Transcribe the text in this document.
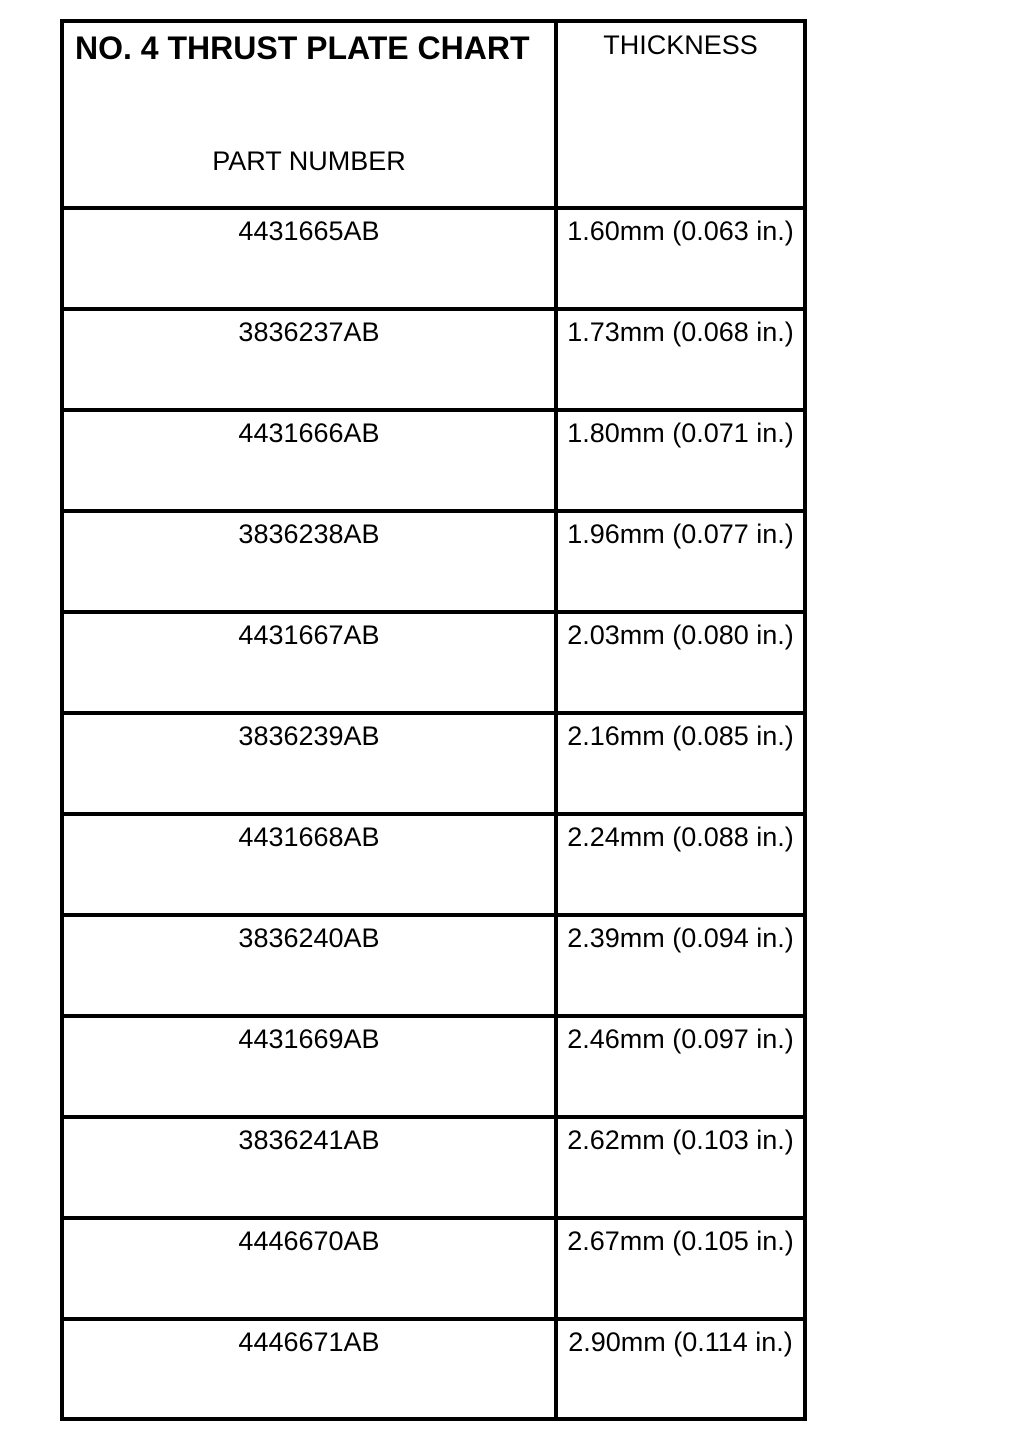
NO. 4 THRUST PLATE CHART
PART NUMBER
THICKNESS
4431665AB	1.60mm (0.063 in.)
3836237AB	1.73mm (0.068 in.)
4431666AB	1.80mm (0.071 in.)
3836238AB	1.96mm (0.077 in.)
4431667AB	2.03mm (0.080 in.)
3836239AB	2.16mm (0.085 in.)
4431668AB	2.24mm (0.088 in.)
3836240AB	2.39mm (0.094 in.)
4431669AB	2.46mm (0.097 in.)
3836241AB	2.62mm (0.103 in.)
4446670AB	2.67mm (0.105 in.)
4446671AB	2.90mm (0.114 in.)
